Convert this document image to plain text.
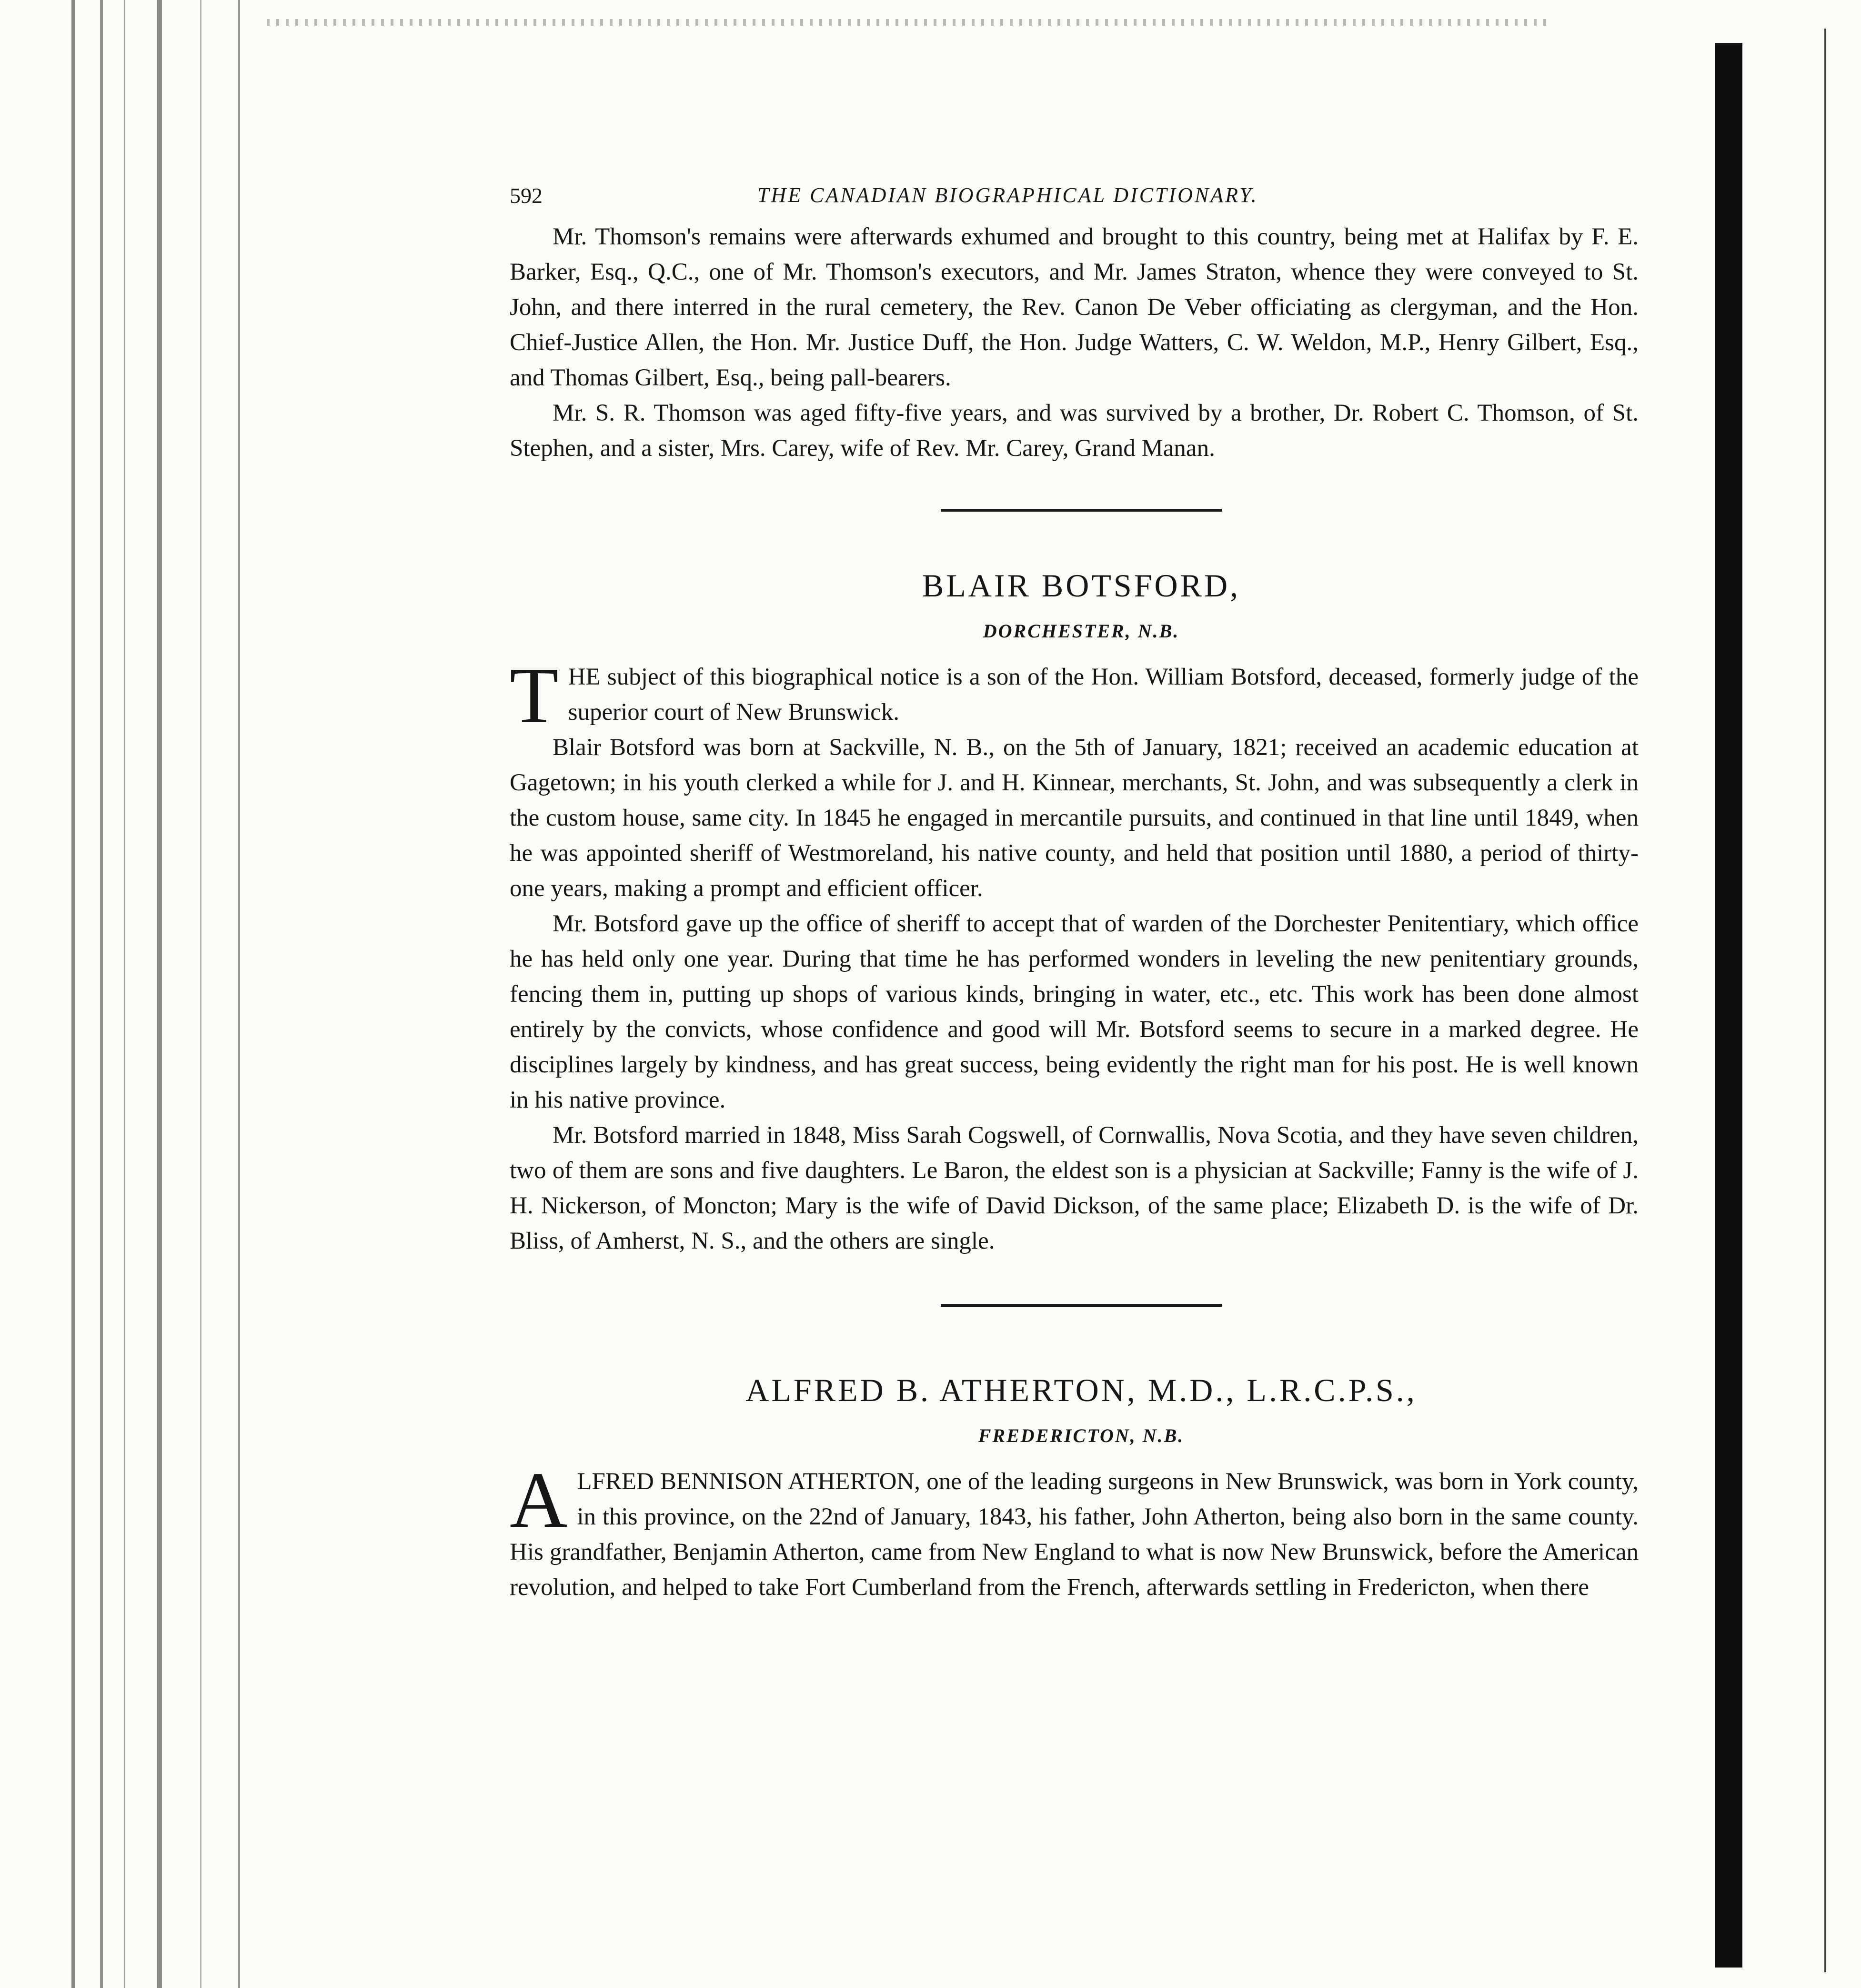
592	THE CANADIAN BIOGRAPHICAL DICTIONARY.

Mr. Thomson's remains were afterwards exhumed and brought to this country, being met at Halifax by F. E. Barker, Esq., Q.C., one of Mr. Thomson's executors, and Mr. James Straton, whence they were conveyed to St. John, and there interred in the rural cemetery, the Rev. Canon De Veber officiating as clergyman, and the Hon. Chief-Justice Allen, the Hon. Mr. Justice Duff, the Hon. Judge Watters, C. W. Weldon, M.P., Henry Gilbert, Esq., and Thomas Gilbert, Esq., being pall-bearers.

Mr. S. R. Thomson was aged fifty-five years, and was survived by a brother, Dr. Robert C. Thomson, of St. Stephen, and a sister, Mrs. Carey, wife of Rev. Mr. Carey, Grand Manan.

BLAIR BOTSFORD,
DORCHESTER, N.B.
T HE subject of this biographical notice is a son of the Hon. William Botsford, deceased, formerly judge of the superior court of New Brunswick.

Blair Botsford was born at Sackville, N. B., on the 5th of January, 1821; received an academic education at Gagetown; in his youth clerked a while for J. and H. Kinnear, merchants, St. John, and was subsequently a clerk in the custom house, same city. In 1845 he engaged in mercantile pursuits, and continued in that line until 1849, when he was appointed sheriff of Westmoreland, his native county, and held that position until 1880, a period of thirty-one years, making a prompt and efficient officer.

Mr. Botsford gave up the office of sheriff to accept that of warden of the Dorchester Penitentiary, which office he has held only one year. During that time he has performed wonders in leveling the new penitentiary grounds, fencing them in, putting up shops of various kinds, bringing in water, etc., etc. This work has been done almost entirely by the convicts, whose confidence and good will Mr. Botsford seems to secure in a marked degree. He disciplines largely by kindness, and has great success, being evidently the right man for his post. He is well known in his native province.

Mr. Botsford married in 1848, Miss Sarah Cogswell, of Cornwallis, Nova Scotia, and they have seven children, two of them are sons and five daughters. Le Baron, the eldest son is a physician at Sackville; Fanny is the wife of J. H. Nickerson, of Moncton; Mary is the wife of David Dickson, of the same place; Elizabeth D. is the wife of Dr. Bliss, of Amherst, N. S., and the others are single.

ALFRED B. ATHERTON, M.D., L.R.C.P.S.,
FREDERICTON, N.B.
A LFRED BENNISON ATHERTON, one of the leading surgeons in New Brunswick, was born in York county, in this province, on the 22nd of January, 1843, his father, John Atherton, being also born in the same county. His grandfather, Benjamin Atherton, came from New England to what is now New Brunswick, before the American revolution, and helped to take Fort Cumberland from the French, afterwards settling in Fredericton, when there
